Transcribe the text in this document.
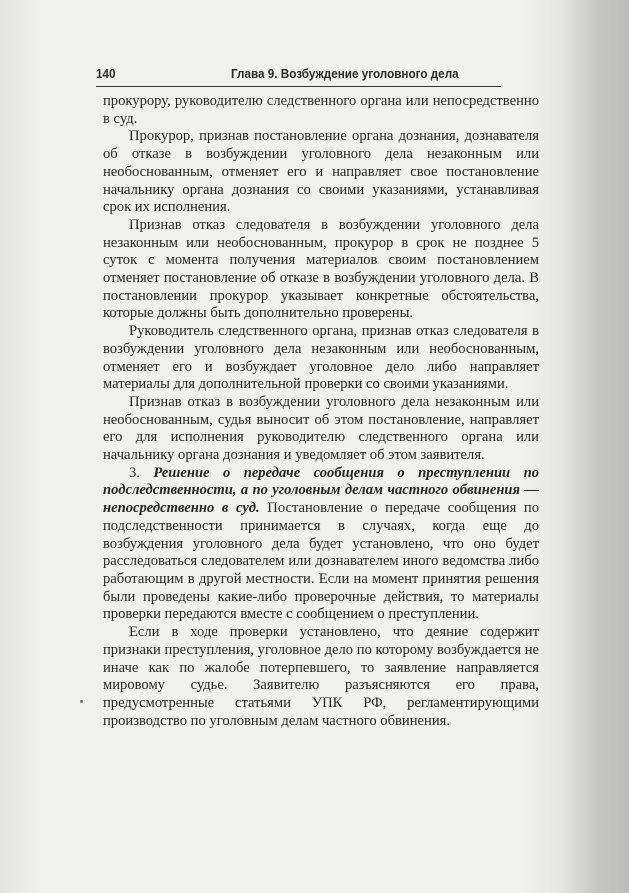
140	Глава 9. Возбуждение уголовного дела

прокурору, руководителю следственного органа или непосредственно в суд.

Прокурор, признав постановление органа дознания, дознавателя об отказе в возбуждении уголовного дела незаконным или необоснованным, отменяет его и направляет свое постановление начальнику органа дознания со своими указаниями, устанавливая срок их исполнения.

Признав отказ следователя в возбуждении уголовного дела незаконным или необоснованным, прокурор в срок не позднее 5 суток с момента получения материалов своим постановлением отменяет постановление об отказе в возбуждении уголовного дела. В постановлении прокурор указывает конкретные обстоятельства, которые должны быть дополнительно проверены.

Руководитель следственного органа, признав отказ следователя в возбуждении уголовного дела незаконным или необоснованным, отменяет его и возбуждает уголовное дело либо направляет материалы для дополнительной проверки со своими указаниями.

Признав отказ в возбуждении уголовного дела незаконным или необоснованным, судья выносит об этом постановление, направляет его для исполнения руководителю следственного органа или начальнику органа дознания и уведомляет об этом заявителя.

3. Решение о передаче сообщения о преступлении по подследственности, а по уголовным делам частного обвинения — непосредственно в суд. Постановление о передаче сообщения по подследственности принимается в случаях, когда еще до возбуждения уголовного дела будет установлено, что оно будет расследоваться следователем или дознавателем иного ведомства либо работающим в другой местности. Если на момент принятия решения были проведены какие-либо проверочные действия, то материалы проверки передаются вместе с сообщением о преступлении.

Если в ходе проверки установлено, что деяние содержит признаки преступления, уголовное дело по которому возбуждается не иначе как по жалобе потерпевшего, то заявление направляется мировому судье. Заявителю разъясняются его права, предусмотренные статьями УПК РФ, регламентирующими производство по уголовным делам частного обвинения.
